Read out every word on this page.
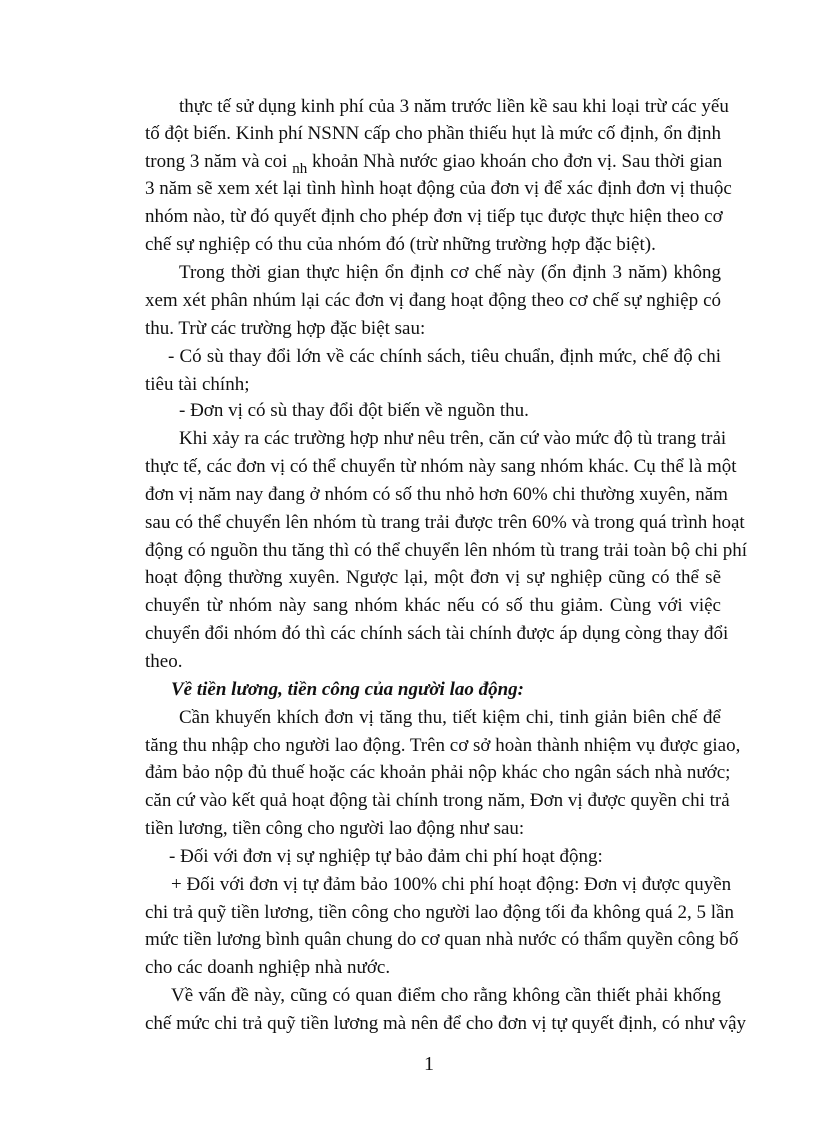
thực tế sử dụng kinh phí của 3 năm trước liền kề sau khi loại trừ các yếu
tố đột biến. Kinh phí NSNN cấp cho phần thiếu hụt là mức cố định, ổn định
trong 3 năm và coi $_{nh}$ khoản Nhà nước giao khoán cho đơn vị. Sau thời gian
3 năm sẽ xem xét lại tình hình hoạt động của đơn vị để xác định đơn vị thuộc
nhóm nào, từ đó quyết định cho phép đơn vị tiếp tục được thực hiện theo cơ
chế sự nghiệp có thu của nhóm đó (trừ những trường hợp đặc biệt).
Trong thời gian thực hiện ổn định cơ chế này (ổn định 3 năm) không
xem xét phân nhúm lại các đơn vị đang hoạt động theo cơ chế sự nghiệp có
thu. Trừ các trường hợp đặc biệt sau:
- Có sù thay đổi lớn về các chính sách, tiêu chuẩn, định mức, chế độ chi
tiêu tài chính;
- Đơn vị có sù thay đổi đột biến về nguồn thu.
Khi xảy ra các trường hợp như nêu trên, căn cứ vào mức độ tù trang trải
thực tế, các đơn vị có thể chuyển từ nhóm này sang nhóm khác. Cụ thể là một
đơn vị năm nay đang ở nhóm có số thu nhỏ hơn 60% chi thường xuyên, năm
sau có thể chuyển lên nhóm tù trang trải được trên 60% và trong quá trình hoạt
động có nguồn thu tăng thì có thể chuyển lên nhóm tù trang trải toàn bộ chi phí
hoạt động thường xuyên. Ngược lại, một đơn vị sự nghiệp cũng có thể sẽ
chuyển từ nhóm này sang nhóm khác nếu có số thu giảm. Cùng với việc
chuyển đổi nhóm đó thì các chính sách tài chính được áp dụng còng thay đổi
theo.
Về tiền lương, tiền công của người lao động:
Cần khuyến khích đơn vị tăng thu, tiết kiệm chi, tinh giản biên chế để
tăng thu nhập cho người lao động. Trên cơ sở hoàn thành nhiệm vụ được giao,
đảm bảo nộp đủ thuế hoặc các khoản phải nộp khác cho ngân sách nhà nước;
căn cứ vào kết quả hoạt động tài chính trong năm, Đơn vị được quyền chi trả
tiền lương, tiền công cho người lao động như sau:
- Đối với đơn vị sự nghiệp tự bảo đảm chi phí hoạt động:
+ Đối với đơn vị tự đảm bảo 100% chi phí hoạt động: Đơn vị được quyền
chi trả quỹ tiền lương, tiền công cho người lao động tối đa không quá 2, 5 lần
mức tiền lương bình quân chung do cơ quan nhà nước có thẩm quyền công bố
cho các doanh nghiệp nhà nước.
Về vấn đề này, cũng có quan điểm cho rằng không cần thiết phải khống
chế mức chi trả quỹ tiền lương mà nên để cho đơn vị tự quyết định, có như vậy
1
